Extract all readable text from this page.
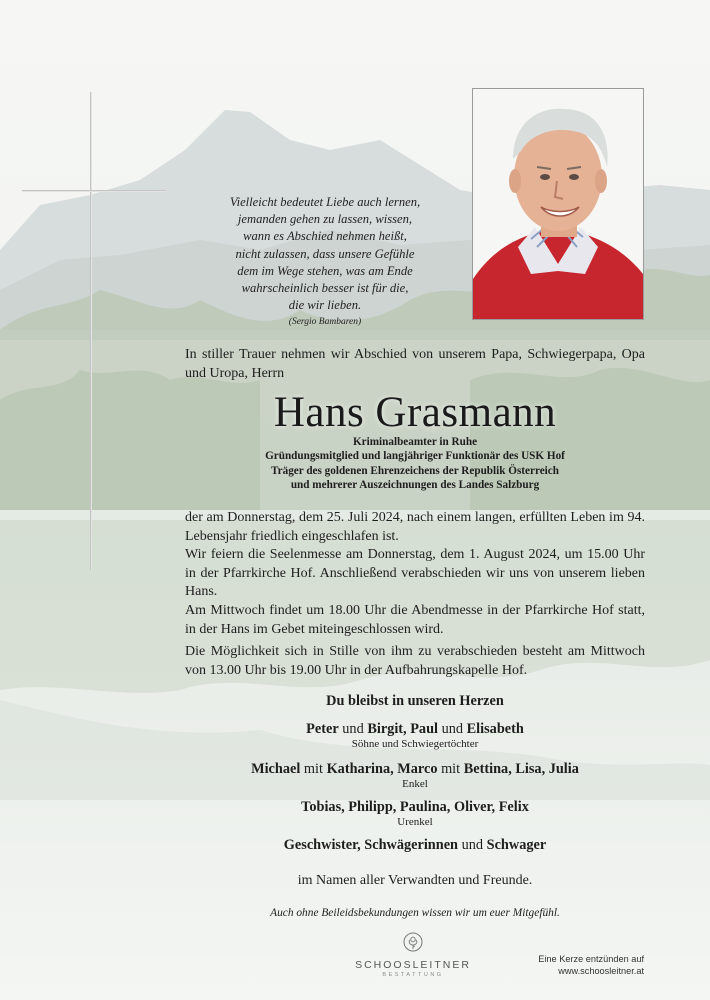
Vielleicht bedeutet Liebe auch lernen,
jemanden gehen zu lassen, wissen,
wann es Abschied nehmen heißt,
nicht zulassen, dass unsere Gefühle
dem im Wege stehen, was am Ende
wahrscheinlich besser ist für die,
die wir lieben.
(Sergio Bambaren)
In stiller Trauer nehmen wir Abschied von unserem Papa, Schwiegerpapa, Opa und Uropa, Herrn
Hans Grasmann
Kriminalbeamter in Ruhe
Gründungsmitglied und langjähriger Funktionär des USK Hof
Träger des goldenen Ehrenzeichens der Republik Österreich
und mehrerer Auszeichnungen des Landes Salzburg
der am Donnerstag, dem 25. Juli 2024, nach einem langen, erfüllten Leben im 94. Lebensjahr friedlich eingeschlafen ist.
Wir feiern die Seelenmesse am Donnerstag, dem 1. August 2024, um 15.00 Uhr in der Pfarrkirche Hof. Anschließend verabschieden wir uns von unserem lieben Hans.
Am Mittwoch findet um 18.00 Uhr die Abendmesse in der Pfarrkirche Hof statt, in der Hans im Gebet miteingeschlossen wird.
Die Möglichkeit sich in Stille von ihm zu verabschieden besteht am Mittwoch von 13.00 Uhr bis 19.00 Uhr in der Aufbahrungskapelle Hof.
Du bleibst in unseren Herzen
Peter und Birgit, Paul und Elisabeth
Söhne und Schwiegertöchter
Michael mit Katharina, Marco mit Bettina, Lisa, Julia
Enkel
Tobias, Philipp, Paulina, Oliver, Felix
Urenkel
Geschwister, Schwägerinnen und Schwager
im Namen aller Verwandten und Freunde.
Auch ohne Beileidsbekundungen wissen wir um euer Mitgefühl.
SCHOOSLEITNER
BESTATTUNG
Eine Kerze entzünden auf
www.schoosleitner.at
